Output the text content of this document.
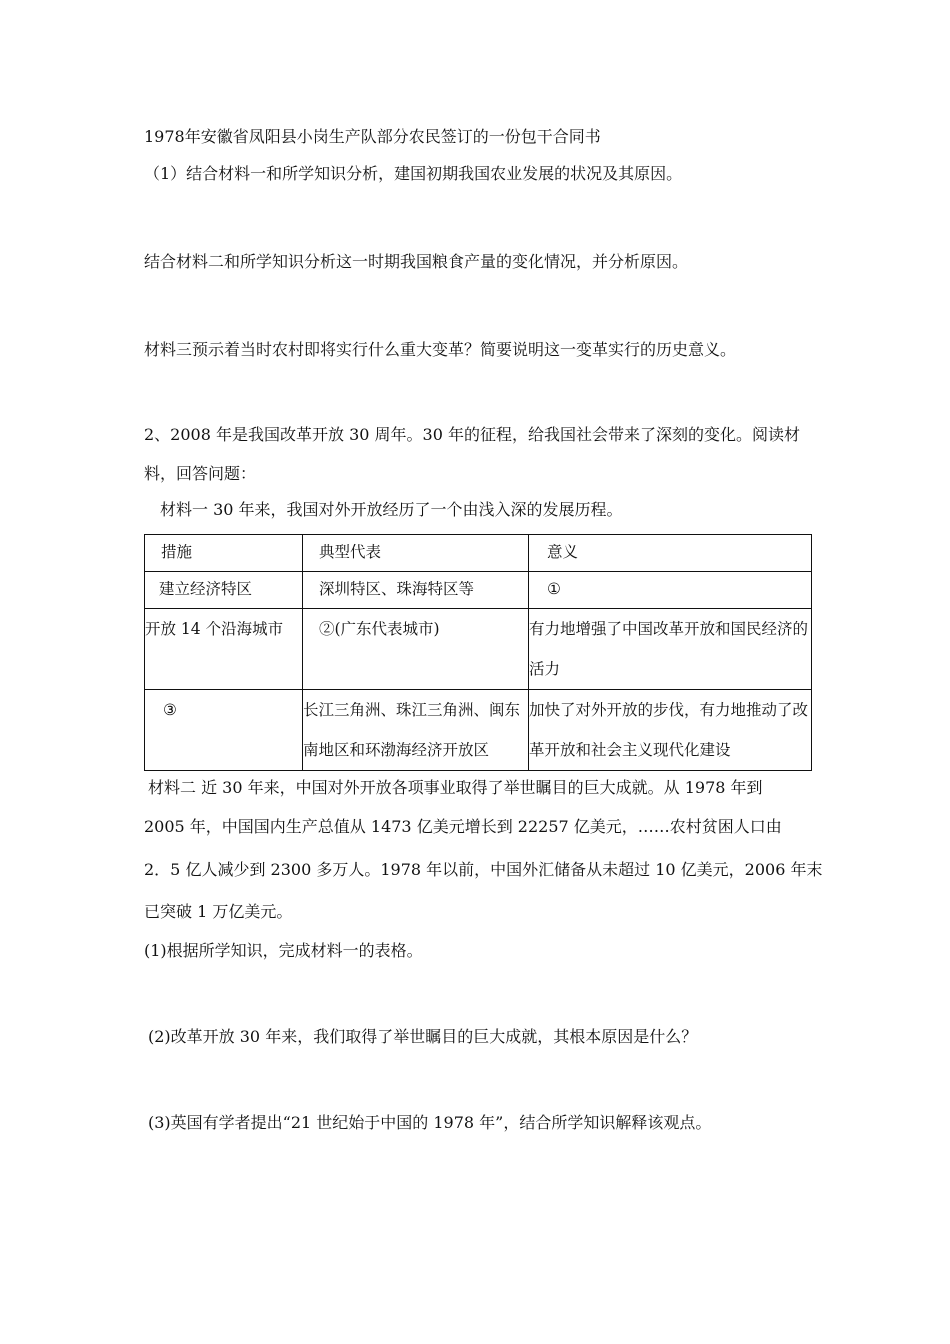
1978年安徽省凤阳县小岗生产队部分农民签订的一份包干合同书
（1）结合材料一和所学知识分析，建国初期我国农业发展的状况及其原因。
结合材料二和所学知识分析这一时期我国粮食产量的变化情况，并分析原因。
材料三预示着当时农村即将实行什么重大变革？简要说明这一变革实行的历史意义。
2、2008 年是我国改革开放 30 周年。30 年的征程，给我国社会带来了深刻的变化。阅读材
料，回答问题：
材料一 30 年来，我国对外开放经历了一个由浅入深的发展历程。
措施	典型代表	意义
建立经济特区	深圳特区、珠海特区等	①
开放 14 个沿海城市	②(广东代表城市)	有力地增强了中国改革开放和国民经济的活力
③	长江三角洲、珠江三角洲、闽东南地区和环渤海经济开放区	加快了对外开放的步伐，有力地推动了改革开放和社会主义现代化建设
材料二 近 30 年来，中国对外开放各项事业取得了举世瞩目的巨大成就。从 1978 年到
2005 年，中国国内生产总值从 1473 亿美元增长到 22257 亿美元，……农村贫困人口由
2．5 亿人减少到 2300 多万人。1978 年以前，中国外汇储备从未超过 10 亿美元，2006 年末
已突破 1 万亿美元。
(1)根据所学知识，完成材料一的表格。
(2)改革开放 30 年来，我们取得了举世瞩目的巨大成就，其根本原因是什么？
(3)英国有学者提出“21 世纪始于中国的 1978 年”，结合所学知识解释该观点。
